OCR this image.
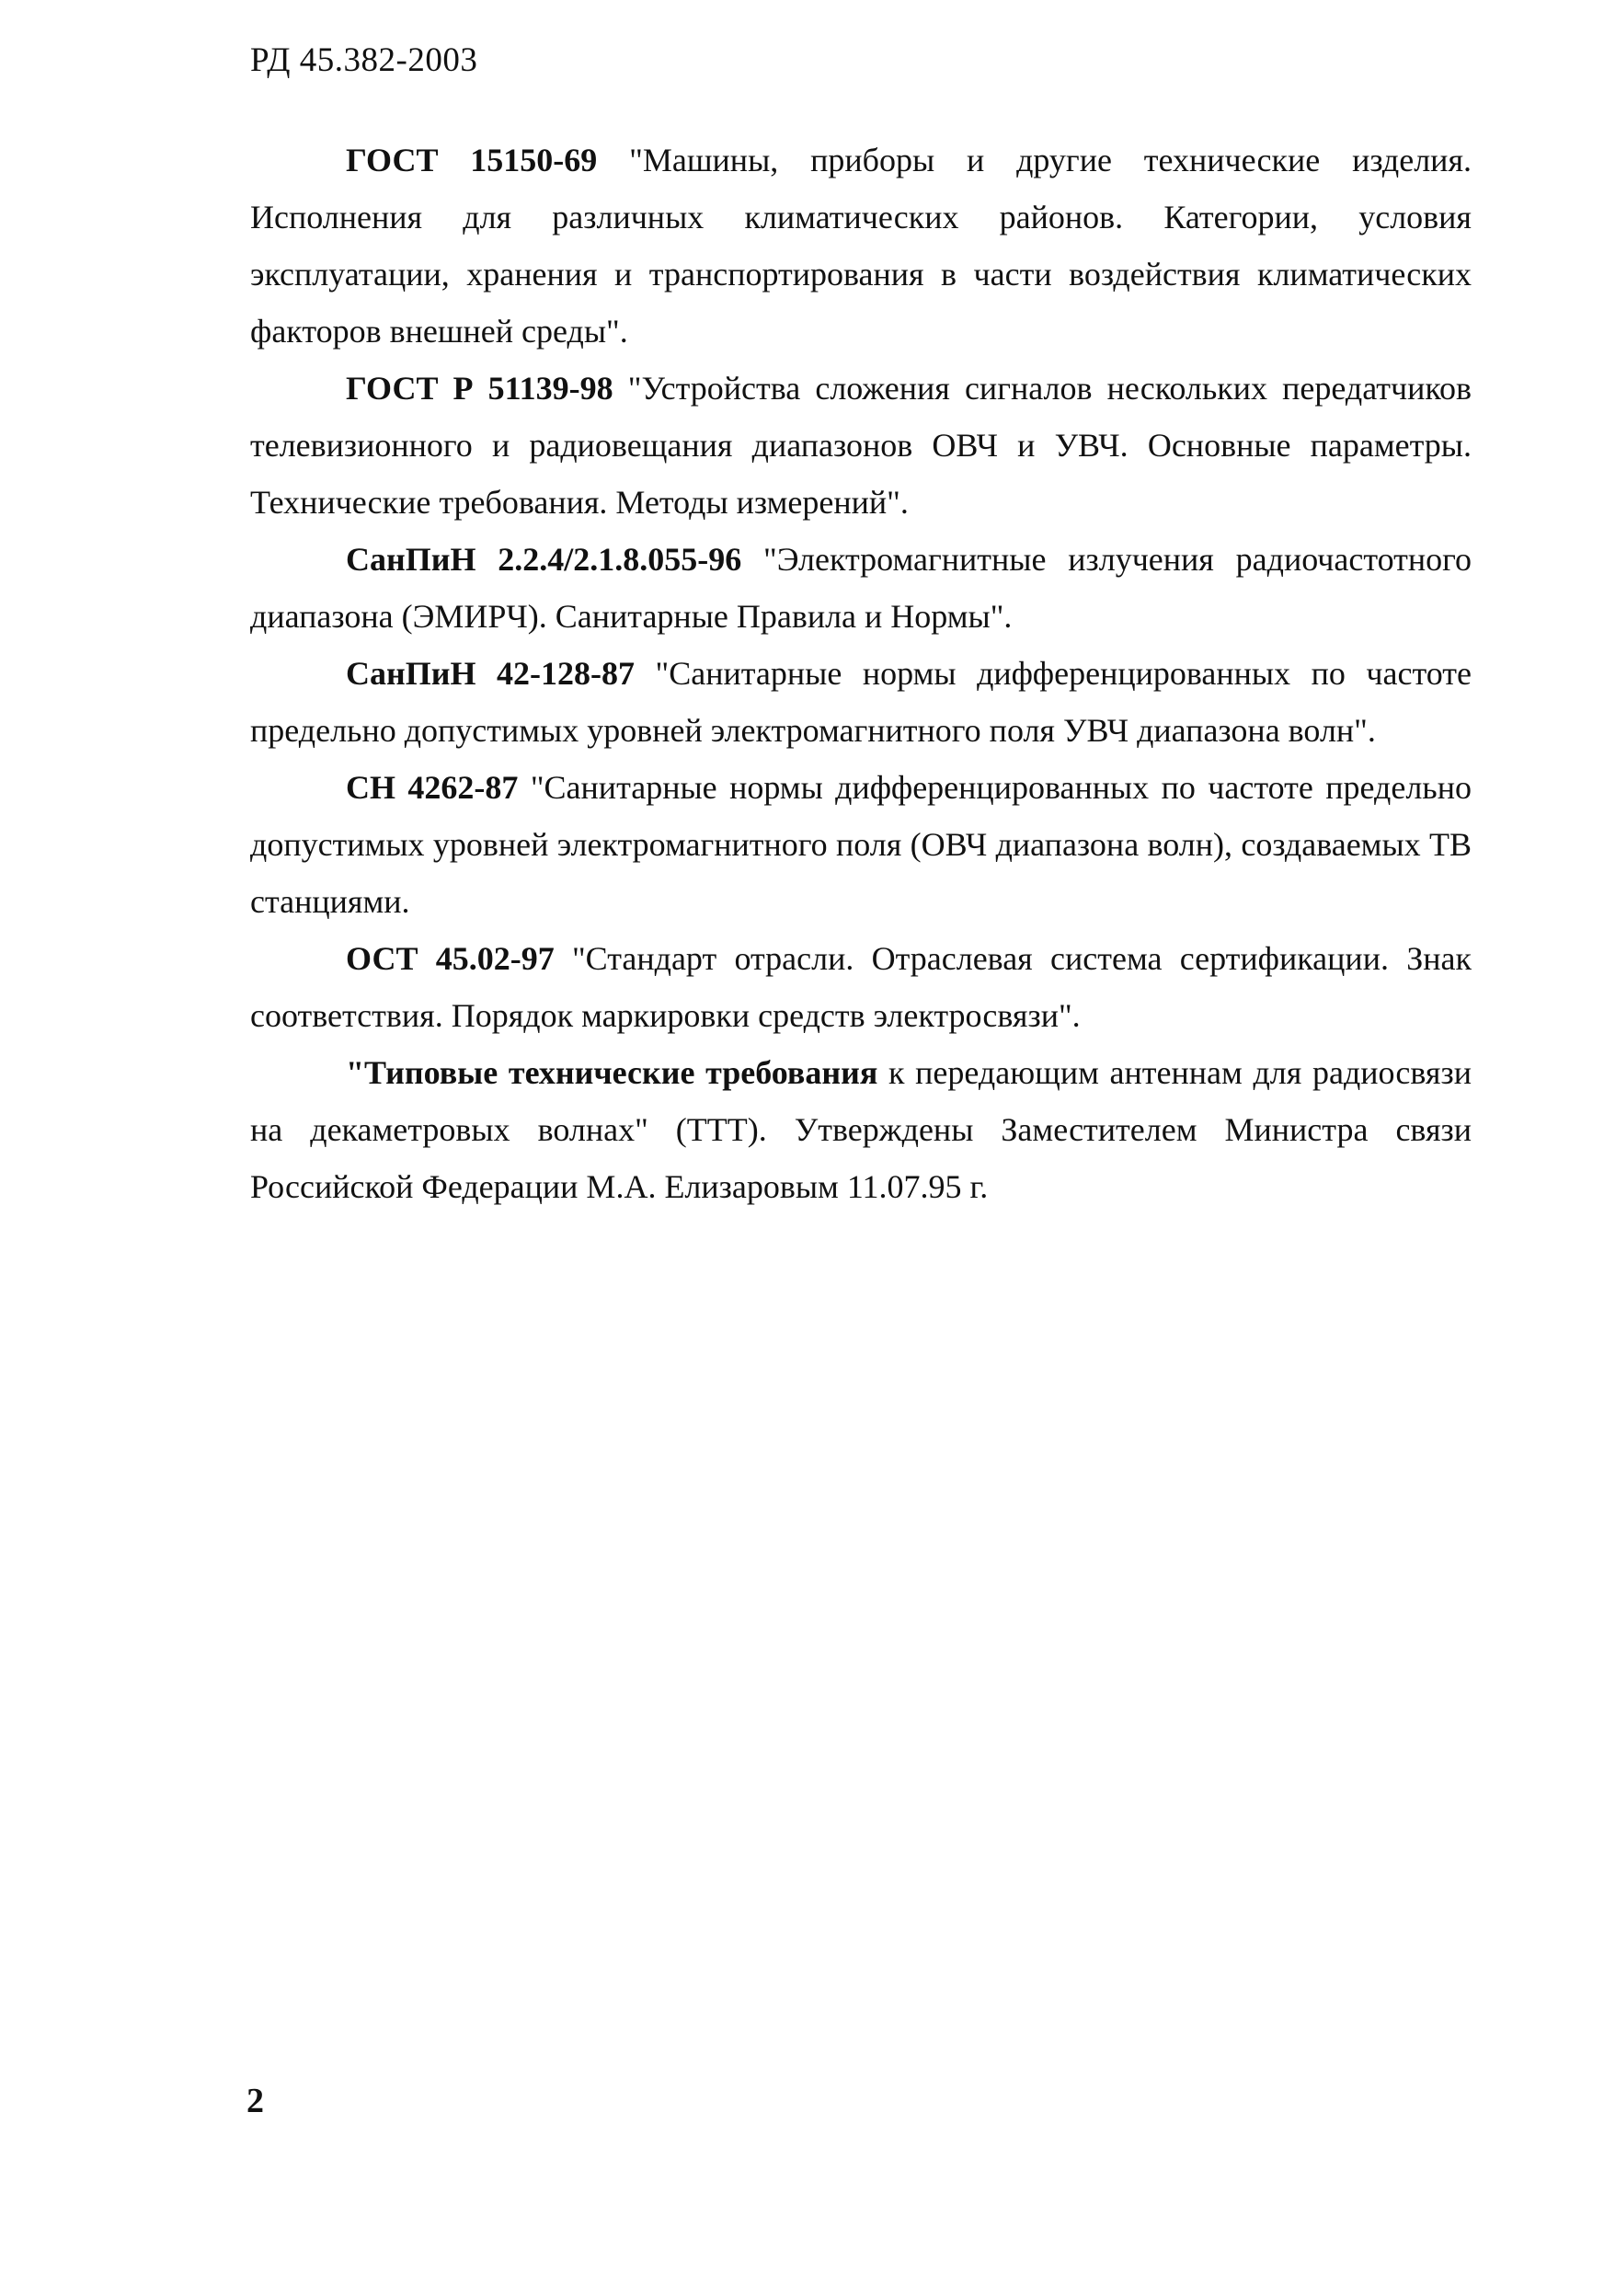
РД 45.382-2003
ГОСТ 15150-69 "Машины, приборы и другие технические изделия. Исполнения для различных климатических районов. Категории, условия эксплуатации, хранения и транспортирования в части воздействия климатических факторов внешней среды".
ГОСТ Р 51139-98 "Устройства сложения сигналов нескольких передатчиков телевизионного и радиовещания диапазонов ОВЧ и УВЧ. Основные параметры. Технические требования. Методы измерений".
СанПиН 2.2.4/2.1.8.055-96 "Электромагнитные излучения радиочастотного диапазона (ЭМИРЧ). Санитарные Правила и Нормы".
СанПиН 42-128-87 "Санитарные нормы дифференцированных по частоте предельно допустимых уровней электромагнитного поля УВЧ диапазона волн".
СН 4262-87 "Санитарные нормы дифференцированных по частоте предельно допустимых уровней электромагнитного поля (ОВЧ диапазона волн), создаваемых ТВ станциями.
ОСТ 45.02-97 "Стандарт отрасли. Отраслевая система сертификации. Знак соответствия. Порядок маркировки средств электросвязи".
"Типовые технические требования к передающим антеннам для радиосвязи на декаметровых волнах" (ТТТ). Утверждены Заместителем Министра связи Российской Федерации М.А. Елизаровым 11.07.95 г.
2
